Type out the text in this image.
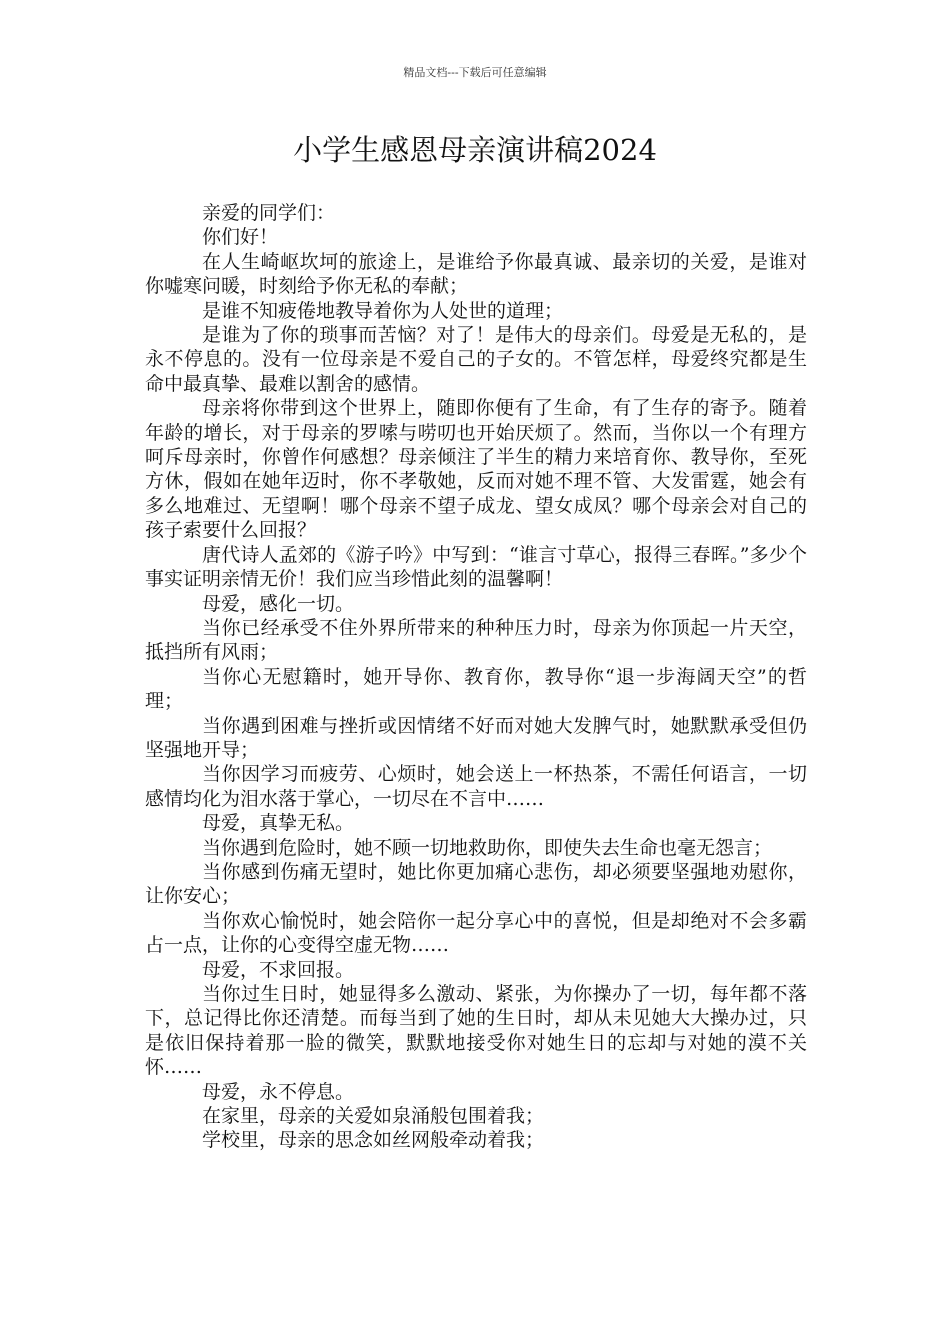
精品文档---下载后可任意编辑
小学生感恩母亲演讲稿2024

亲爱的同学们：

你们好！

在人生崎岖坎坷的旅途上，是谁给予你最真诚、最亲切的关爱，是谁对你嘘寒问暖，时刻给予你无私的奉献；

是谁不知疲倦地教导着你为人处世的道理；

是谁为了你的琐事而苦恼？对了！是伟大的母亲们。母爱是无私的，是永不停息的。没有一位母亲是不爱自己的子女的。不管怎样，母爱终究都是生命中最真挚、最难以割舍的感情。

母亲将你带到这个世界上，随即你便有了生命，有了生存的寄予。随着年龄的增长，对于母亲的罗嗦与唠叨也开始厌烦了。然而，当你以一个有理方呵斥母亲时，你曾作何感想？母亲倾注了半生的精力来培育你、教导你，至死方休，假如在她年迈时，你不孝敬她，反而对她不理不管、大发雷霆，她会有多么地难过、无望啊！哪个母亲不望子成龙、望女成凤？哪个母亲会对自己的孩子索要什么回报？

唐代诗人孟郊的《游子吟》中写到：“谁言寸草心，报得三春晖。”多少个事实证明亲情无价！我们应当珍惜此刻的温馨啊！

母爱，感化一切。

当你已经承受不住外界所带来的种种压力时，母亲为你顶起一片天空，抵挡所有风雨；

当你心无慰籍时，她开导你、教育你，教导你“退一步海阔天空”的哲理；

当你遇到困难与挫折或因情绪不好而对她大发脾气时，她默默承受但仍坚强地开导；

当你因学习而疲劳、心烦时，她会送上一杯热茶，不需任何语言，一切感情均化为泪水落于掌心，一切尽在不言中……

母爱，真挚无私。

当你遇到危险时，她不顾一切地救助你，即使失去生命也毫无怨言；

当你感到伤痛无望时，她比你更加痛心悲伤，却必须要坚强地劝慰你，让你安心；

当你欢心愉悦时，她会陪你一起分享心中的喜悦，但是却绝对不会多霸占一点，让你的心变得空虚无物……

母爱，不求回报。

当你过生日时，她显得多么激动、紧张，为你操办了一切，每年都不落下，总记得比你还清楚。而每当到了她的生日时，却从未见她大大操办过，只是依旧保持着那一脸的微笑，默默地接受你对她生日的忘却与对她的漠不关怀……

母爱，永不停息。

在家里，母亲的关爱如泉涌般包围着我；

学校里，母亲的思念如丝网般牵动着我；
